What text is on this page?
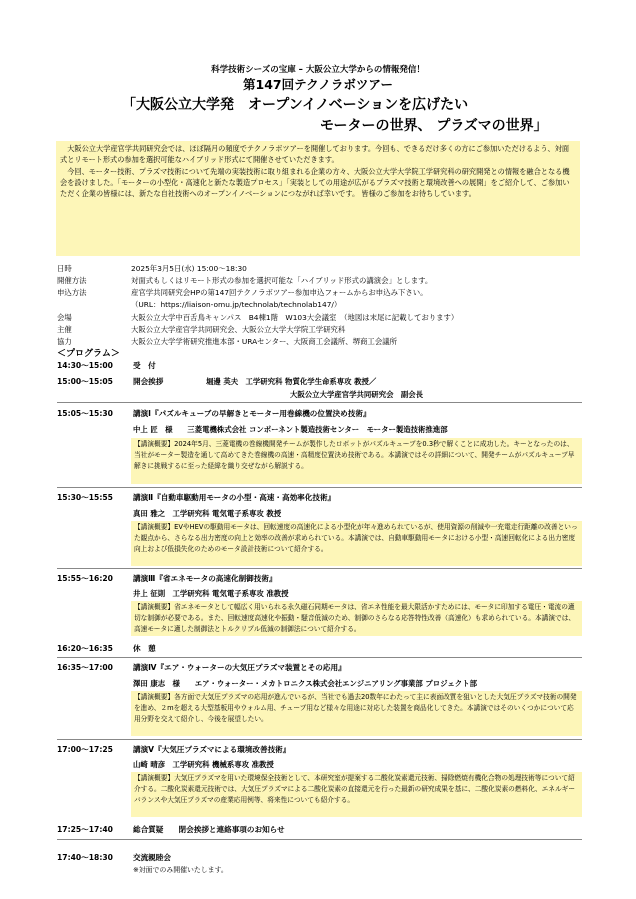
科学技術シーズの宝庫 – 大阪公立大学からの情報発信！
第147回テクノラボツアー
「大阪公立大学発　オープンイノベーションを広げたい
モーターの世界、 プラズマの世界」

大阪公立大学産官学共同研究会では、ほぼ隔月の頻度でテクノラボツアーを開催しております。今回も、できるだけ多くの方にご参加いただけるよう、対面式とリモート形式の参加を選択可能なハイブリッド形式にて開催させていただきます。

今回、モーター技術、プラズマ技術について先端の実装技術に取り組まれる企業の方々、大阪公立大学大学院工学研究科の研究開発との情報を融合となる機会を設けました。「モーターの小型化・高速化と新たな製造プロセス」「実装としての用途が広がるプラズマ技術と環境改善への展開」をご紹介して、ご参加いただく企業の皆様には、新たな自社技術へのオープンイノベーションにつながれば幸いです。 皆様のご参加をお待ちしています。

日時	2025年3月5日(水) 15:00～18:30
開催方法	対面式もしくはリモート形式の参加を選択可能な「ハイブリッド形式の講演会」とします。
申込方法	産官学共同研究会HPの第147回テクノラボツアー参加申込フォームからお申込み下さい。
（URL：https://liaison-omu.jp/technolab/technolab147/）
会場	大阪公立大学中百舌鳥キャンパス　B4棟1階　W103大会議室　（地図は末尾に記載しております）
主催	大阪公立大学産官学共同研究会、大阪公立大学大学院工学研究科
協力	大阪公立大学学術研究推進本部・URAセンター、大阪商工会議所、堺商工会議所
＜プログラム＞
14:30～15:00	受　付
15:00～15:05	開会挨拶	堀邊 英夫　工学研究科 物質化学生命系専攻 教授／
大阪公立大学産官学共同研究会　副会長
15:05～15:30	講演Ⅰ『パズルキューブの早解きとモーター用巻線機の位置決め技術』
中上 匠　様　　三菱電機株式会社 コンポーネント製造技術センター　モーター製造技術推進部

【講演概要】2024年5月、三菱電機の巻線機開発チームが製作したロボットがパズルキューブを0.3秒で解くことに成功した。キーとなったのは、当社がモーター製造を通して高めてきた巻線機の高速・高精度位置決め技術である。本講演ではその詳細について、開発チームがパズルキューブ早解きに挑戦するに至った経緯を織り交ぜながら解説する。

15:30～15:55	講演Ⅱ『自動車駆動用モータの小型・高速・高効率化技術』
真田 雅之　工学研究科 電気電子系専攻 教授

【講演概要】EVやHEVの駆動用モータは、回転速度の高速化による小型化が年々進められているが、使用資源の削減や一充電走行距離の改善といった観点から、さらなる出力密度の向上と効率の改善が求められている。本講演では、自動車駆動用モータにおける小型・高速回転化による出力密度向上および低損失化のためのモータ設計技術について紹介する。

15:55～16:20	講演Ⅲ『省エネモータの高速化制御技術』
井上 征則　工学研究科 電気電子系専攻 准教授

【講演概要】省エネモータとして幅広く用いられる永久磁石同期モータは、省エネ性能を最大限活かすためには、モータに印加する電圧・電流の適切な制御が必要である。また、回転速度高速化や振動・騒音低減のため、制御のさらなる応答特性改善（高速化）も求められている。本講演では、高速モータに適した制御法とトルクリプル低減の制御法について紹介する。

16:20～16:35	休　憩
16:35～17:00	講演Ⅳ『エア・ウォーターの大気圧プラズマ装置とその応用』
澤田 康志　様　　エア・ウォーター・メカトロニクス株式会社エンジニアリング事業部 プロジェクト部

【講演概要】各方面で大気圧プラズマの応用が進んでいるが、当社でも過去20数年にわたって主に表面改質を狙いとした大気圧プラズマ技術の開発を進め、２mを超える大型基板用やウォルム用、チューブ用など様々な用途に対応した装置を商品化してきた。本講演ではそのいくつかについて応用分野を交えて紹介し、今後を展望したい。

17:00～17:25	講演Ⅴ『大気圧プラズマによる環境改善技術』
山崎 晴彦　工学研究科 機械系専攻 准教授

【講演概要】大気圧プラズマを用いた環境保全技術として、本研究室が提案する二酸化炭素還元技術、掃除燃焼有機化合物の処理技術等について紹介する。二酸化炭素還元技術では、大気圧プラズマによる二酸化炭素の直接還元を行った最新の研究成果を基に、二酸化炭素の燃料化、エネルギーバランスや大気圧プラズマの産業応用例等、将来性についても紹介する。

17:25～17:40	総合質疑　　閉会挨拶と連絡事項のお知らせ
17:40～18:30	交流親睦会
※対面でのみ開催いたします。
